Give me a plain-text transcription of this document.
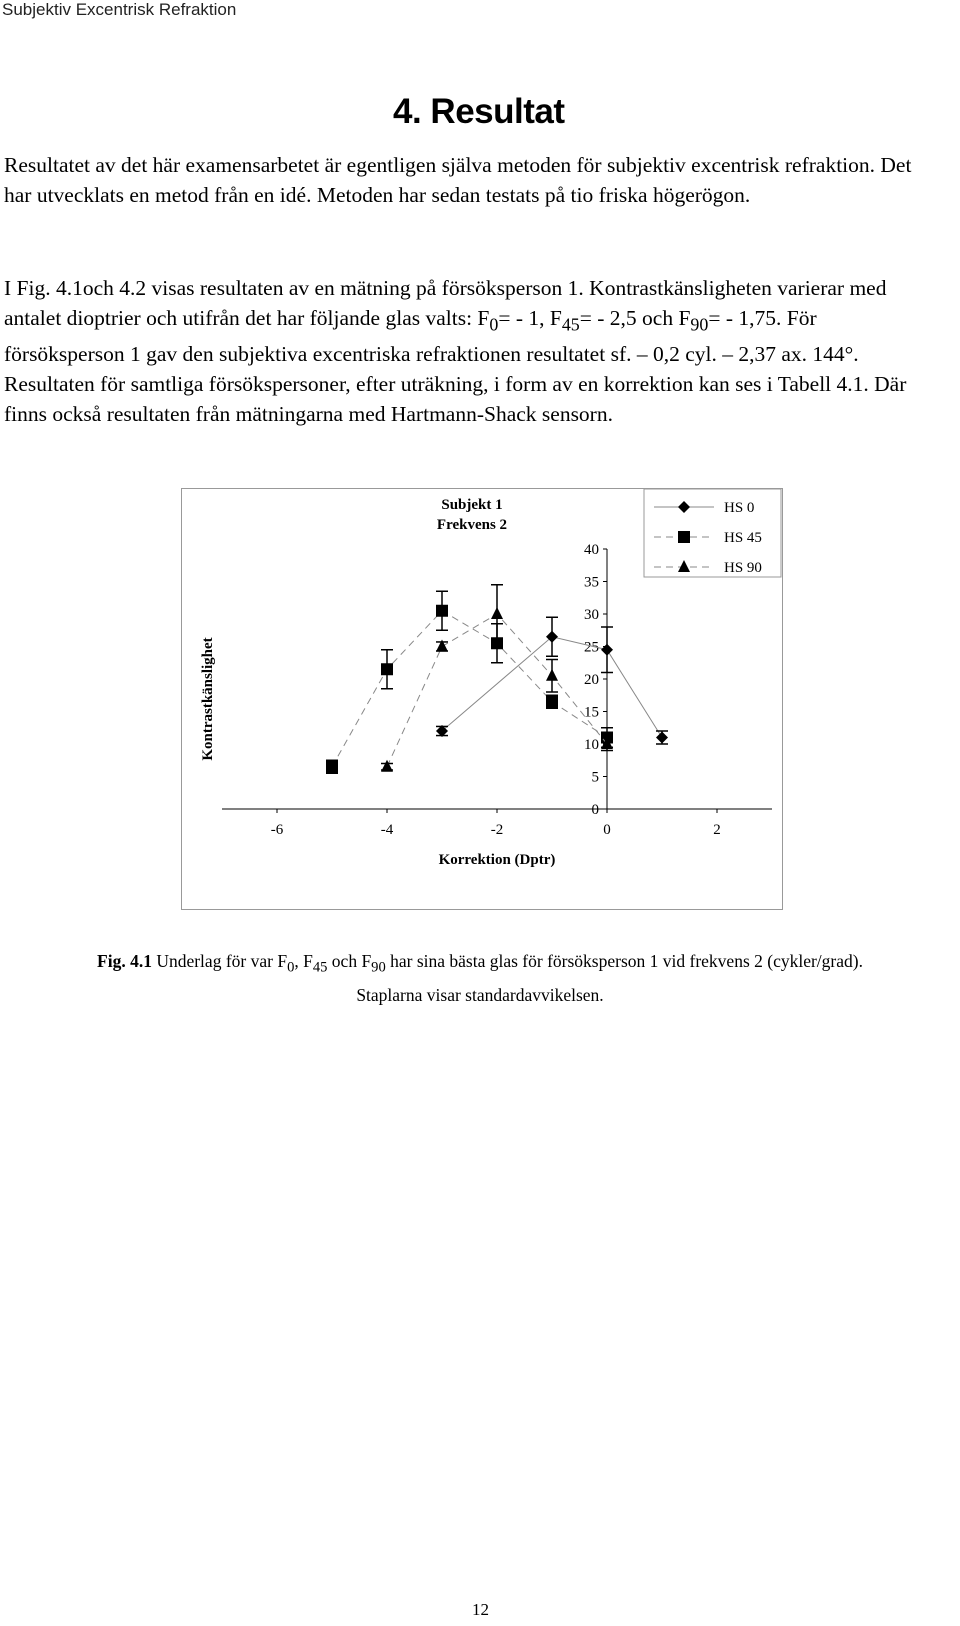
Subjektiv Excentrisk Refraktion
4. Resultat
Resultatet av det här examensarbetet är egentligen själva metoden för subjektiv excentrisk refraktion. Det har utvecklats en metod från en idé. Metoden har sedan testats på tio friska högerögon.
I Fig. 4.1och 4.2 visas resultaten av en mätning på försöksperson 1. Kontrastkänsligheten varierar med antalet dioptrier och utifrån det har följande glas valts: $F_0= - 1$, $F_{45}= - 2,5$ och $F_{90}= - 1,75$. För försöksperson 1 gav den subjektiva excentriska refraktionen resultatet sf. – 0,2 cyl. – 2,37 ax. 144°. Resultaten för samtliga försökspersoner, efter uträkning, i form av en korrektion kan ses i Tabell 4.1. Där finns också resultaten från mätningarna med Hartmann-Shack sensorn.
Subjekt 1
Frekvens 2
0
5
10
15
20
25
30
35
40
-6	-4	-2	0	2
Korrektion (Dptr)
Kontrastkänslighet
HS 0
HS 45
HS 90
Fig. 4.1 Underlag för var $F_0$, $F_{45}$ och $F_{90}$ har sina bästa glas för försöksperson 1 vid frekvens 2 (cykler/grad).
Staplarna visar standardavvikelsen.
12
